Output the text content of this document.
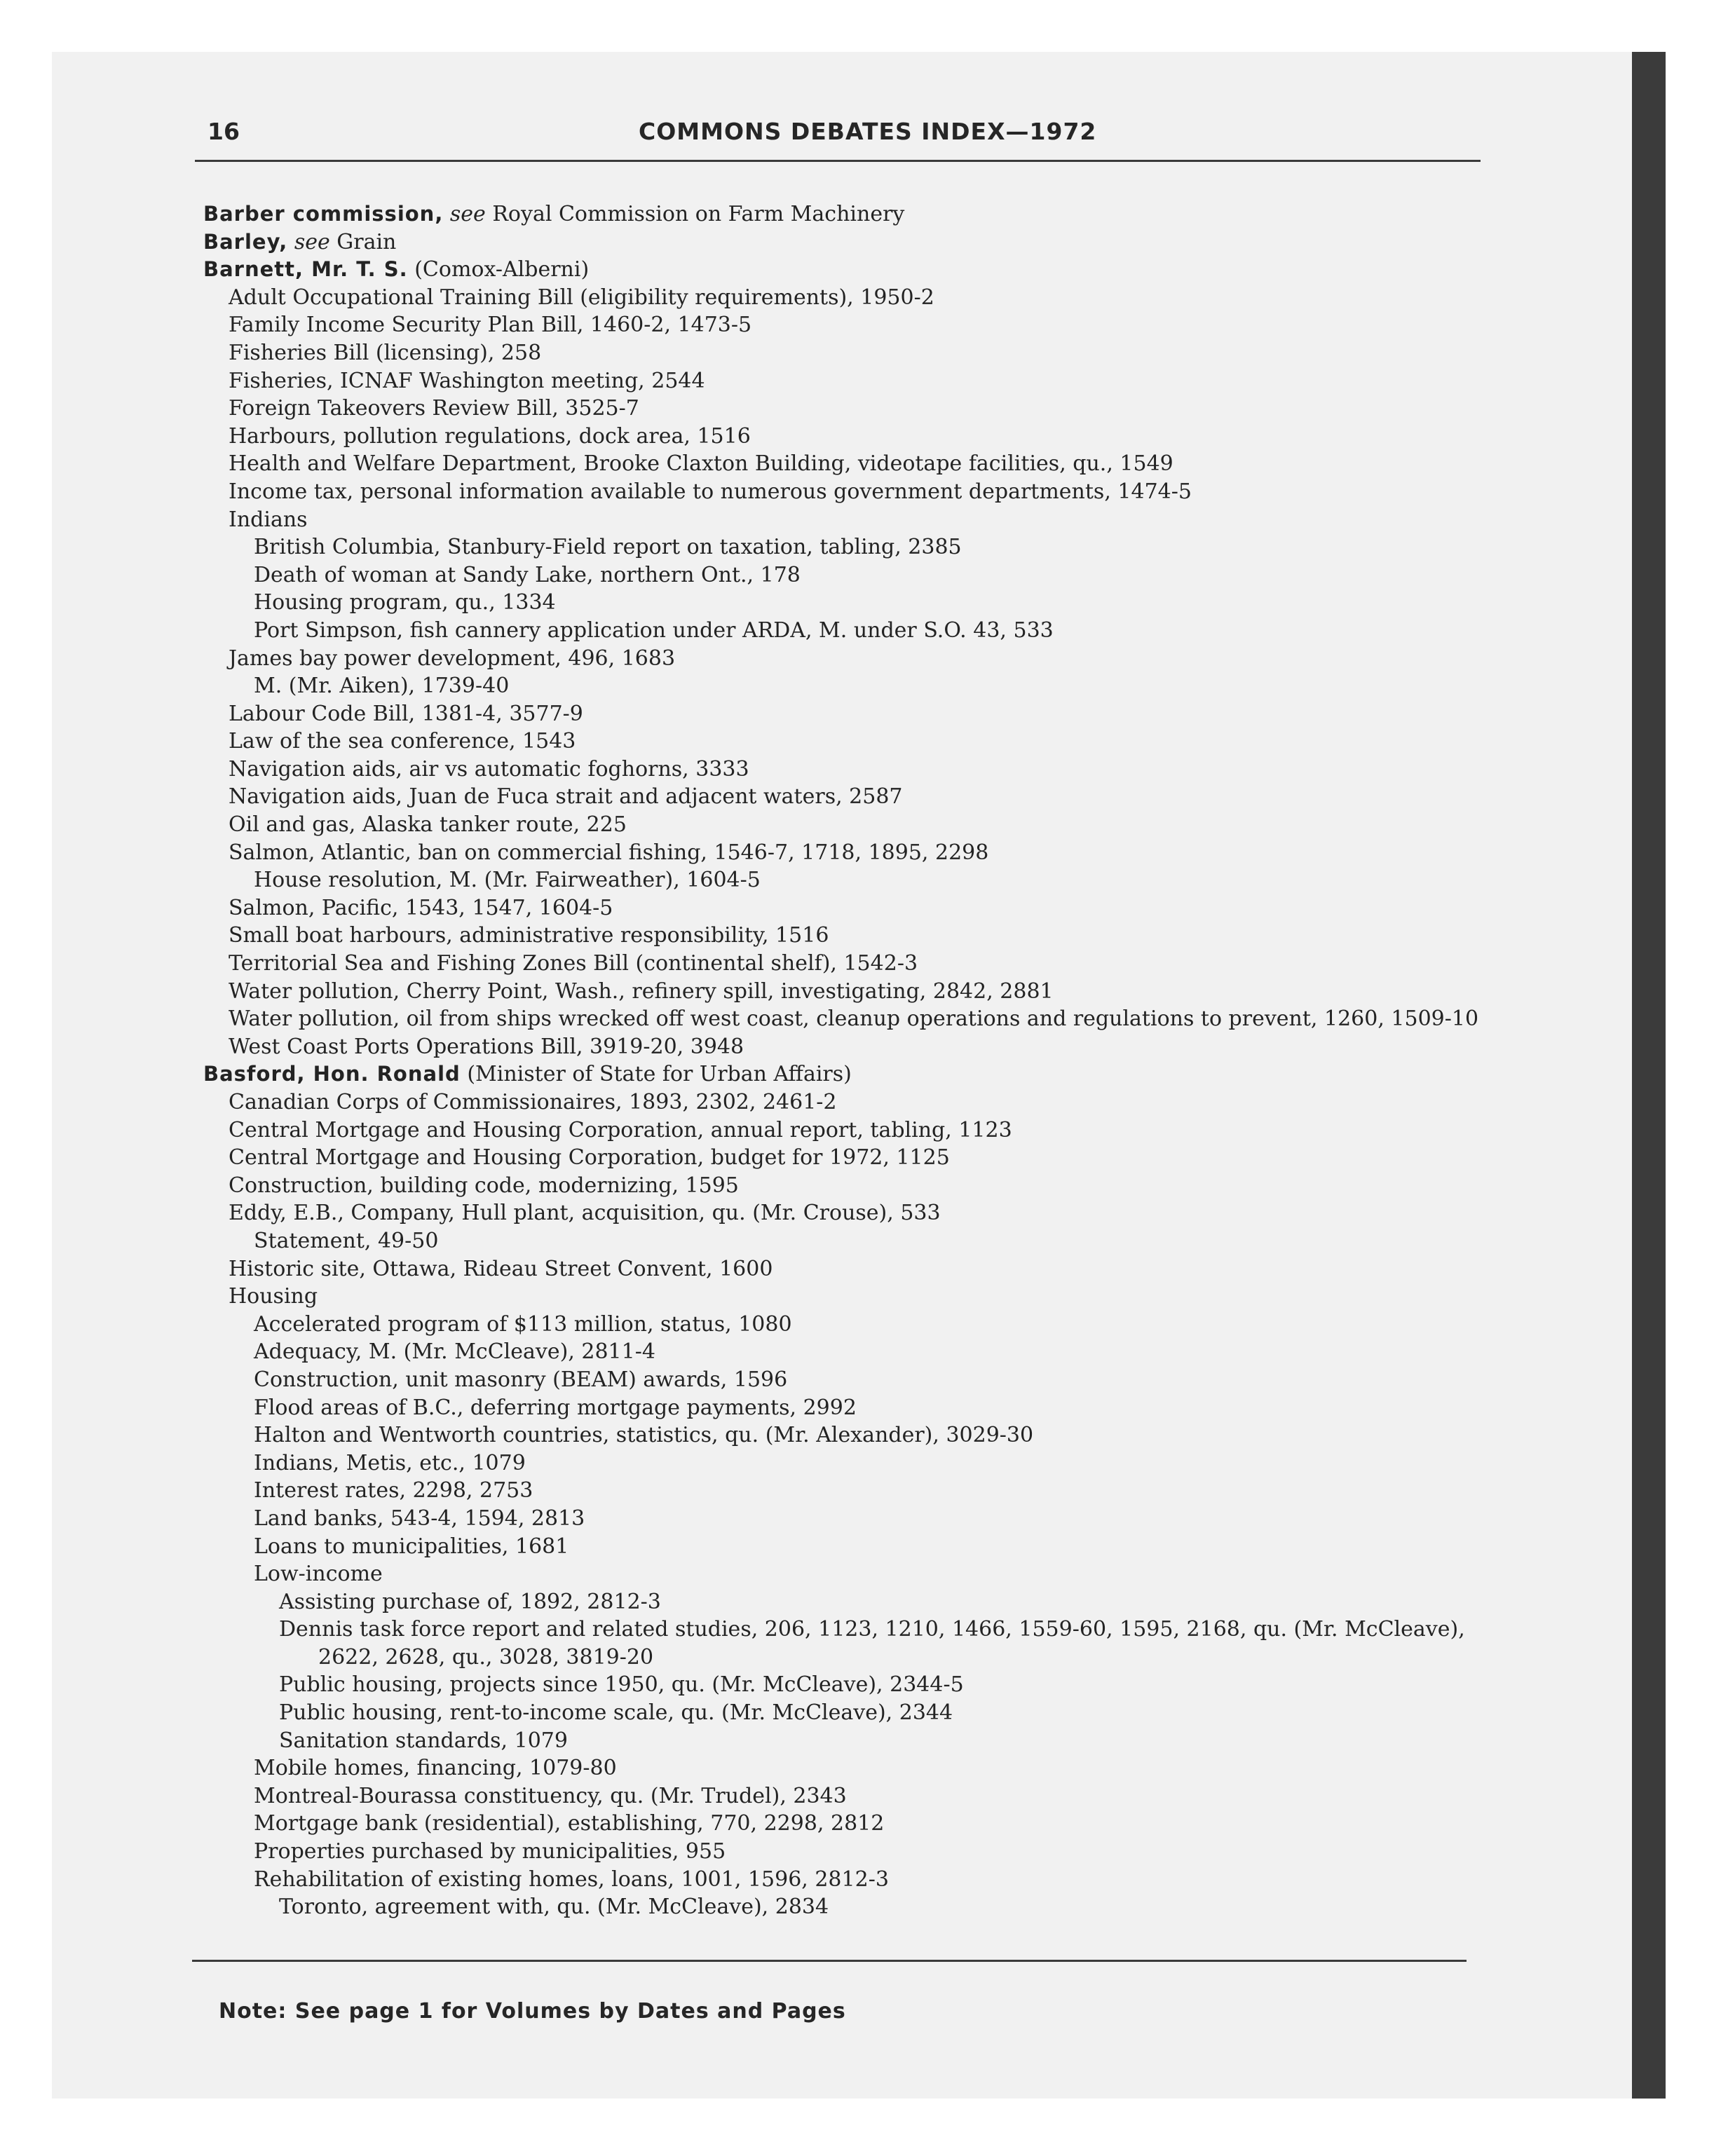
16	COMMONS DEBATES INDEX—1972
Barber commission, see Royal Commission on Farm Machinery
Barley, see Grain
Barnett, Mr. T. S. (Comox-Alberni)
Adult Occupational Training Bill (eligibility requirements), 1950-2
Family Income Security Plan Bill, 1460-2, 1473-5
Fisheries Bill (licensing), 258
Fisheries, ICNAF Washington meeting, 2544
Foreign Takeovers Review Bill, 3525-7
Harbours, pollution regulations, dock area, 1516
Health and Welfare Department, Brooke Claxton Building, videotape facilities, qu., 1549
Income tax, personal information available to numerous government departments, 1474-5
Indians
British Columbia, Stanbury-Field report on taxation, tabling, 2385
Death of woman at Sandy Lake, northern Ont., 178
Housing program, qu., 1334
Port Simpson, fish cannery application under ARDA, M. under S.O. 43, 533
James bay power development, 496, 1683
M. (Mr. Aiken), 1739-40
Labour Code Bill, 1381-4, 3577-9
Law of the sea conference, 1543
Navigation aids, air vs automatic foghorns, 3333
Navigation aids, Juan de Fuca strait and adjacent waters, 2587
Oil and gas, Alaska tanker route, 225
Salmon, Atlantic, ban on commercial fishing, 1546-7, 1718, 1895, 2298
House resolution, M. (Mr. Fairweather), 1604-5
Salmon, Pacific, 1543, 1547, 1604-5
Small boat harbours, administrative responsibility, 1516
Territorial Sea and Fishing Zones Bill (continental shelf), 1542-3
Water pollution, Cherry Point, Wash., refinery spill, investigating, 2842, 2881
Water pollution, oil from ships wrecked off west coast, cleanup operations and regulations to prevent, 1260, 1509-10
West Coast Ports Operations Bill, 3919-20, 3948
Basford, Hon. Ronald (Minister of State for Urban Affairs)
Canadian Corps of Commissionaires, 1893, 2302, 2461-2
Central Mortgage and Housing Corporation, annual report, tabling, 1123
Central Mortgage and Housing Corporation, budget for 1972, 1125
Construction, building code, modernizing, 1595
Eddy, E.B., Company, Hull plant, acquisition, qu. (Mr. Crouse), 533
Statement, 49-50
Historic site, Ottawa, Rideau Street Convent, 1600
Housing
Accelerated program of $113 million, status, 1080
Adequacy, M. (Mr. McCleave), 2811-4
Construction, unit masonry (BEAM) awards, 1596
Flood areas of B.C., deferring mortgage payments, 2992
Halton and Wentworth countries, statistics, qu. (Mr. Alexander), 3029-30
Indians, Metis, etc., 1079
Interest rates, 2298, 2753
Land banks, 543-4, 1594, 2813
Loans to municipalities, 1681
Low-income
Assisting purchase of, 1892, 2812-3
Dennis task force report and related studies, 206, 1123, 1210, 1466, 1559-60, 1595, 2168, qu. (Mr. McCleave), 2622, 2628, qu., 3028, 3819-20
Public housing, projects since 1950, qu. (Mr. McCleave), 2344-5
Public housing, rent-to-income scale, qu. (Mr. McCleave), 2344
Sanitation standards, 1079
Mobile homes, financing, 1079-80
Montreal-Bourassa constituency, qu. (Mr. Trudel), 2343
Mortgage bank (residential), establishing, 770, 2298, 2812
Properties purchased by municipalities, 955
Rehabilitation of existing homes, loans, 1001, 1596, 2812-3
Toronto, agreement with, qu. (Mr. McCleave), 2834
Note: See page 1 for Volumes by Dates and Pages
